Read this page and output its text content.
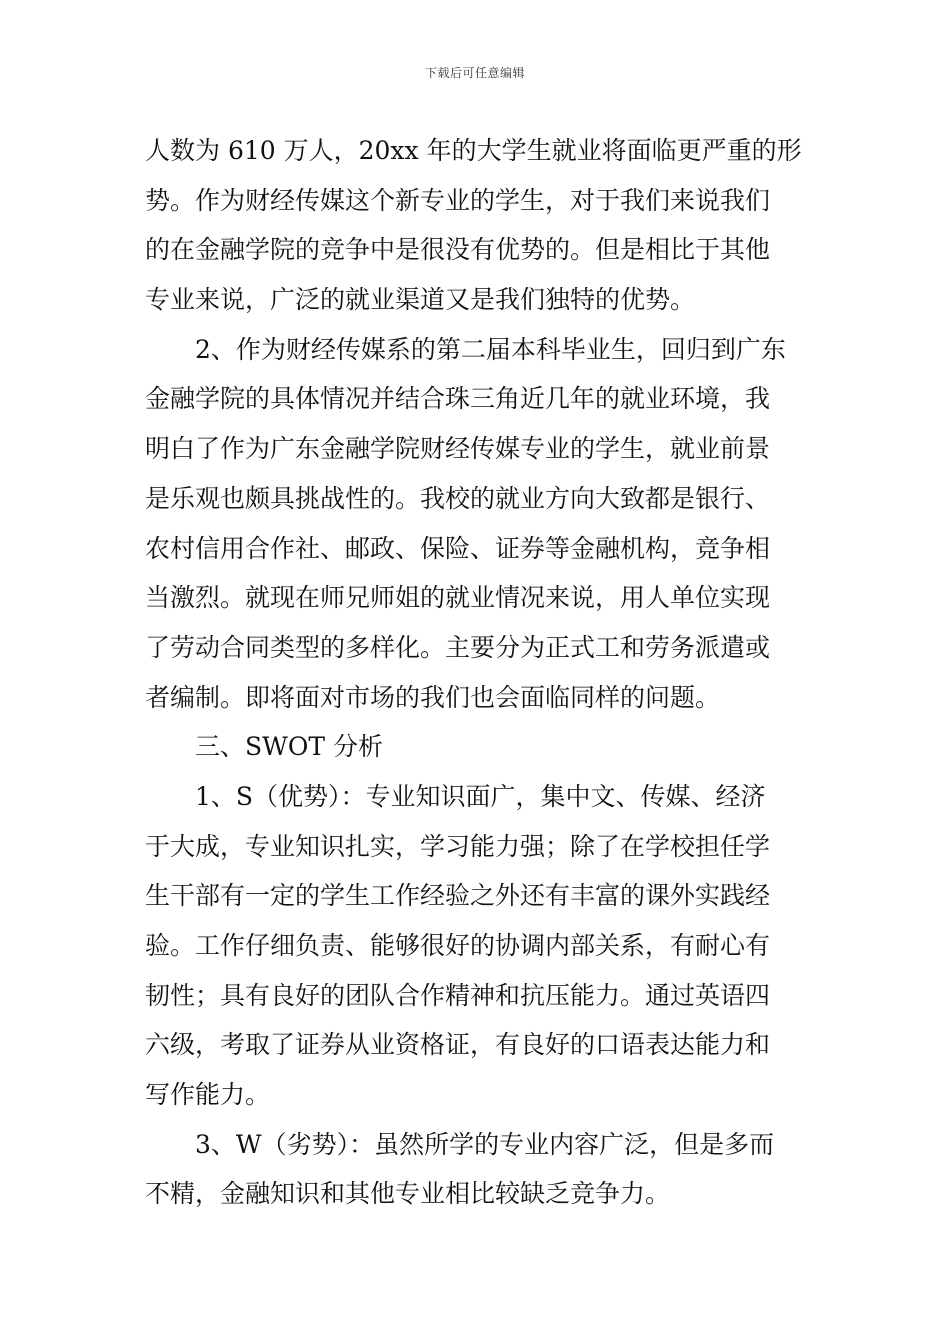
下载后可任意编辑
人数为 610 万人，20xx 年的大学生就业将面临更严重的形
势。作为财经传媒这个新专业的学生，对于我们来说我们
的在金融学院的竞争中是很没有优势的。但是相比于其他
专业来说，广泛的就业渠道又是我们独特的优势。
2、作为财经传媒系的第二届本科毕业生，回归到广东
金融学院的具体情况并结合珠三角近几年的就业环境，我
明白了作为广东金融学院财经传媒专业的学生，就业前景
是乐观也颇具挑战性的。我校的就业方向大致都是银行、
农村信用合作社、邮政、保险、证券等金融机构，竞争相
当激烈。就现在师兄师姐的就业情况来说，用人单位实现
了劳动合同类型的多样化。主要分为正式工和劳务派遣或
者编制。即将面对市场的我们也会面临同样的问题。
三、SWOT 分析
1、S（优势）：专业知识面广，集中文、传媒、经济
于大成，专业知识扎实，学习能力强；除了在学校担任学
生干部有一定的学生工作经验之外还有丰富的课外实践经
验。工作仔细负责、能够很好的协调内部关系，有耐心有
韧性；具有良好的团队合作精神和抗压能力。通过英语四
六级，考取了证券从业资格证，有良好的口语表达能力和
写作能力。
3、W（劣势）：虽然所学的专业内容广泛，但是多而
不精，金融知识和其他专业相比较缺乏竞争力。
